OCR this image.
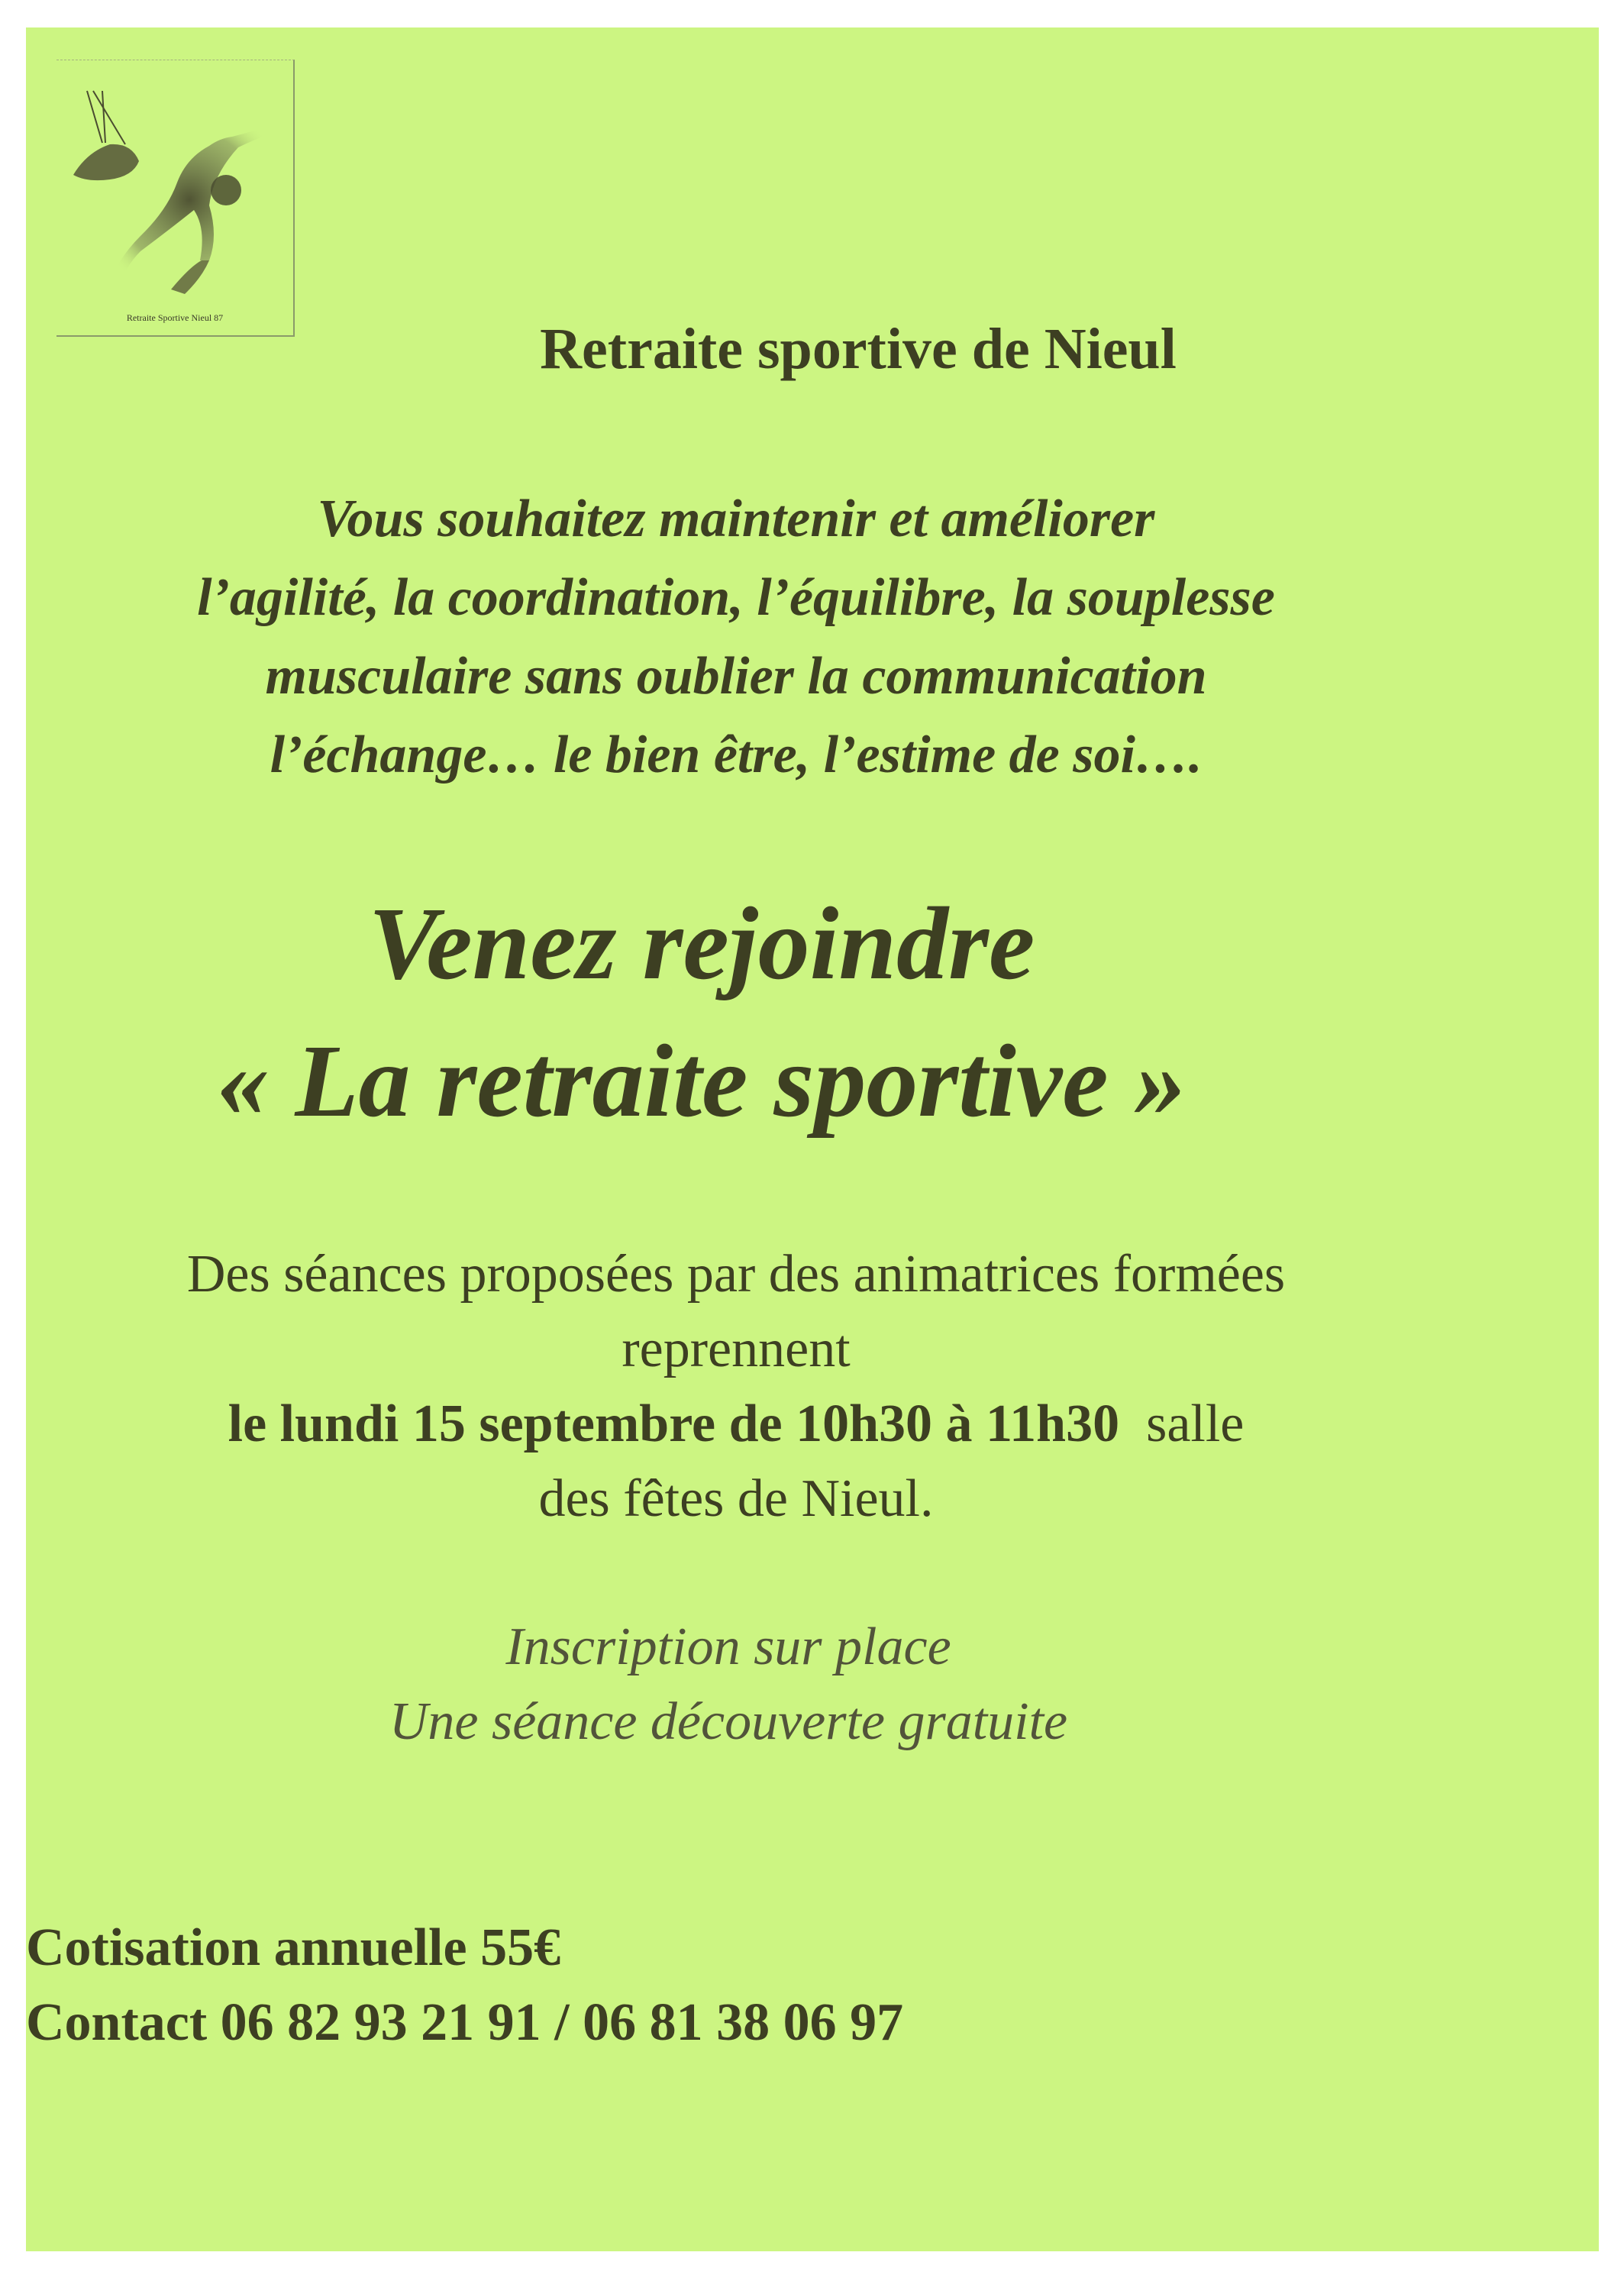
Retraite Sportive Nieul 87	Retraite sportive de Nieul
Vous souhaitez maintenir et améliorer
l’agilité, la coordination, l’équilibre, la souplesse
musculaire sans oublier la communication
l’échange… le bien être, l’estime de soi….
Venez rejoindre
« La retraite sportive »
Des séances proposées par des animatrices formées
reprennent
le lundi 15 septembre de 10h30 à 11h30 salle
des fêtes de Nieul.
Inscription sur place
Une séance découverte gratuite
Cotisation annuelle 55€
Contact 06 82 93 21 91 / 06 81 38 06 97
